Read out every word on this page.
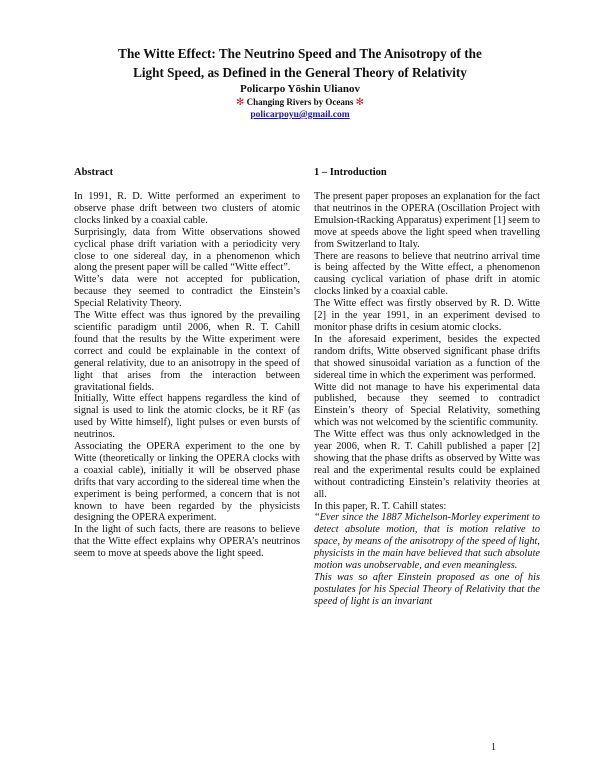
The Witte Effect: The Neutrino Speed and The Anisotropy of the
Light Speed, as Defined in the General Theory of Relativity
Policarpo Yōshin Ulianov
✻ Changing Rivers by Oceans ✻
policarpoyu@gmail.com
Abstract

In 1991, R. D. Witte performed an experiment to observe phase drift between two clusters of atomic clocks linked by a coaxial cable.

Surprisingly, data from Witte observations showed cyclical phase drift variation with a periodicity very close to one sidereal day, in a phenomenon which along the present paper will be called “Witte effect”.

Witte’s data were not accepted for publication, because they seemed to contradict the Einstein’s Special Relativity Theory.

The Witte effect was thus ignored by the prevailing scientific paradigm until 2006, when R. T. Cahill found that the results by the Witte experiment were correct and could be explainable in the context of general relativity, due to an anisotropy in the speed of light that arises from the interaction between gravitational fields.

Initially, Witte effect happens regardless the kind of signal is used to link the atomic clocks, be it RF (as used by Witte himself), light pulses or even bursts of neutrinos.

Associating the OPERA experiment to the one by Witte (theoretically or linking the OPERA clocks with a coaxial cable), initially it will be observed phase drifts that vary according to the sidereal time when the experiment is being performed, a concern that is not known to have been regarded by the physicists designing the OPERA experiment.

In the light of such facts, there are reasons to believe that the Witte effect explains why OPERA’s neutrinos seem to move at speeds above the light speed.

1 – Introduction

The present paper proposes an explanation for the fact that neutrinos in the OPERA (Oscillation Project with Emulsion-tRacking Apparatus) experiment [1] seem to move at speeds above the light speed when travelling from Switzerland to Italy.

There are reasons to believe that neutrino arrival time is being affected by the Witte effect, a phenomenon causing cyclical variation of phase drift in atomic clocks linked by a coaxial cable.

The Witte effect was firstly observed by R. D. Witte [2] in the year 1991, in an experiment devised to monitor phase drifts in cesium atomic clocks.

In the aforesaid experiment, besides the expected random drifts, Witte observed significant phase drifts that showed sinusoidal variation as a function of the sidereal time in which the experiment was performed.

Witte did not manage to have his experimental data published, because they seemed to contradict Einstein’s theory of Special Relativity, something which was not welcomed by the scientific community.

The Witte effect was thus only acknowledged in the year 2006, when R. T. Cahill published a paper [2] showing that the phase drifts as observed by Witte was real and the experimental results could be explained without contradicting Einstein’s relativity theories at all.

In this paper, R. T. Cahill states:

“Ever since the 1887 Michelson-Morley experiment to detect absolute motion, that is motion relative to space, by means of the anisotropy of the speed of light, physicists in the main have believed that such absolute motion was unobservable, and even meaningless.

This was so after Einstein proposed as one of his postulates for his Special Theory of Relativity that the speed of light is an invariant

1
